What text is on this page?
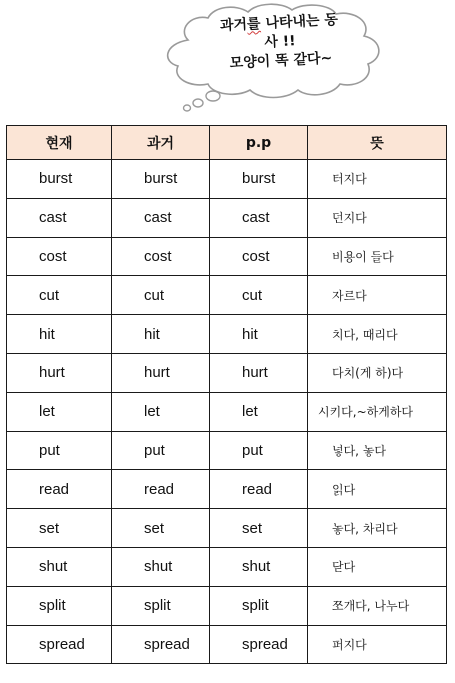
과거를 나타내는 동
사 !!
모양이 똑 같다~
현재	과거	p.p	뜻
burst	burst	burst	터지다
cast	cast	cast	던지다
cost	cost	cost	비용이 들다
cut	cut	cut	자르다
hit	hit	hit	치다, 때리다
hurt	hurt	hurt	다치(게 하)다
let	let	let	시키다,~하게하다
put	put	put	넣다, 놓다
read	read	read	읽다
set	set	set	놓다, 차리다
shut	shut	shut	닫다
split	split	split	쪼개다, 나누다
spread	spread	spread	퍼지다
